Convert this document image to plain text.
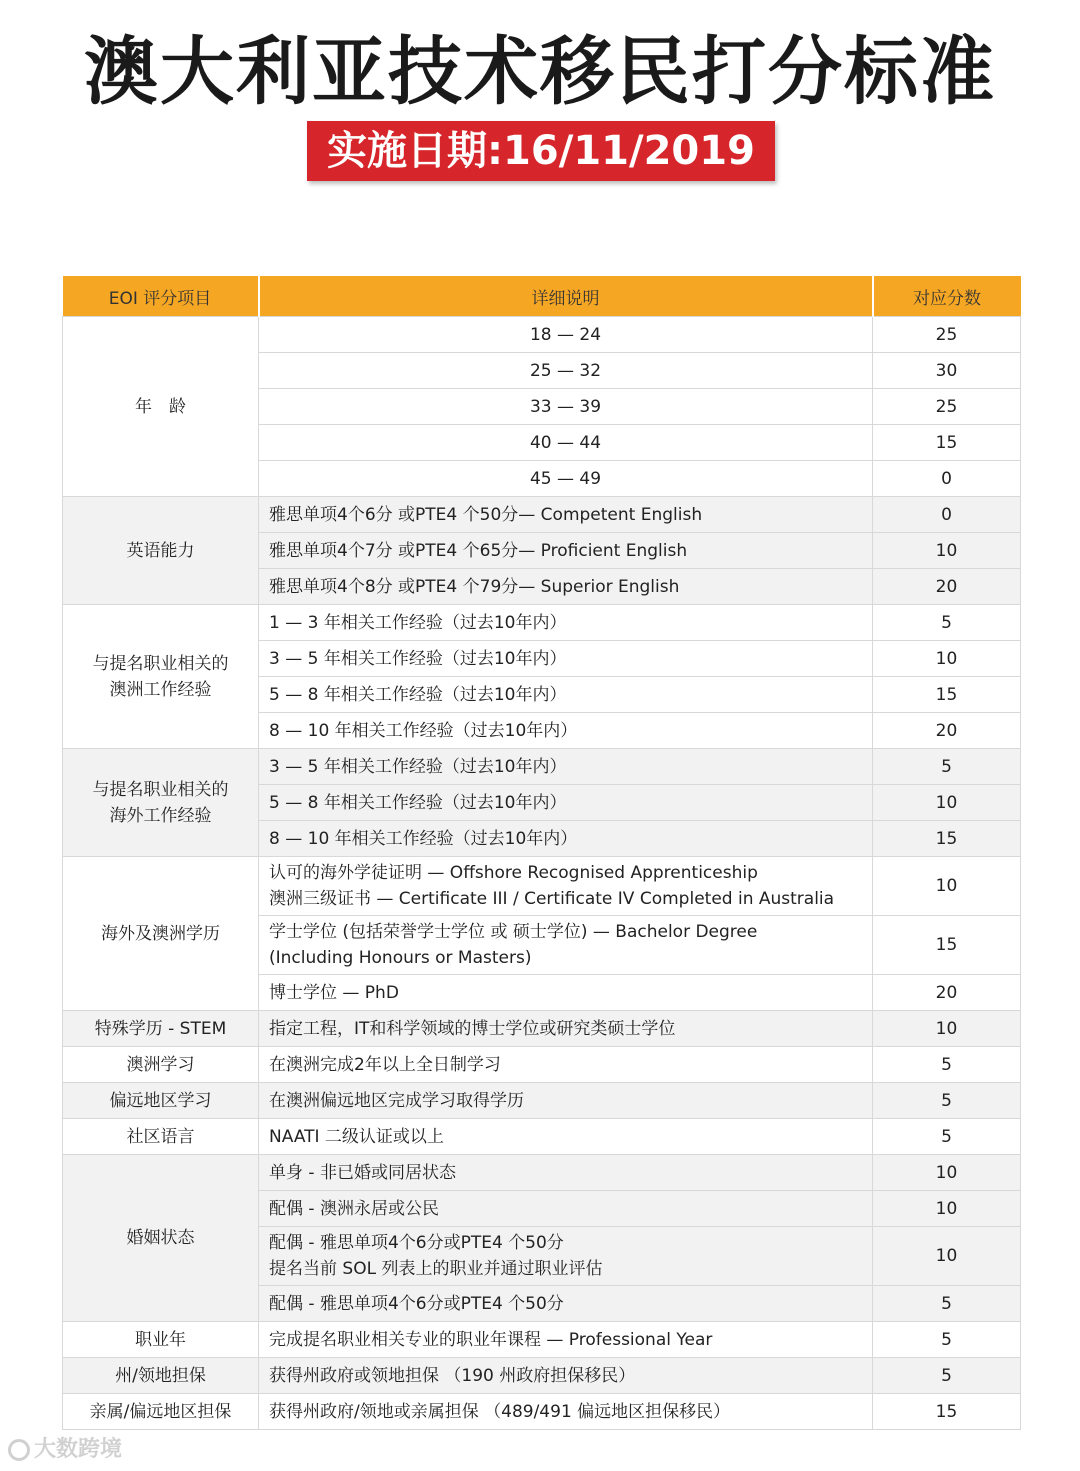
澳大利亚技术移民打分标准
实施日期:16/11/2019
EOI 评分项目	详细说明	对应分数
年　龄	18 — 24	25
	25 — 32	30
	33 — 39	25
	40 — 44	15
	45 — 49	0
英语能力	雅思单项4个6分 或PTE4 个50分— Competent English	0
	雅思单项4个7分 或PTE4 个65分— Proficient English	10
	雅思单项4个8分 或PTE4 个79分— Superior English	20
与提名职业相关的
澳洲工作经验	1 — 3 年相关工作经验（过去10年内）	5
	3 — 5 年相关工作经验（过去10年内）	10
	5 — 8 年相关工作经验（过去10年内）	15
	8 — 10 年相关工作经验（过去10年内）	20
与提名职业相关的
海外工作经验	3 — 5 年相关工作经验（过去10年内）	5
	5 — 8 年相关工作经验（过去10年内）	10
	8 — 10 年相关工作经验（过去10年内）	15
海外及澳洲学历	认可的海外学徒证明 — Offshore Recognised Apprenticeship
澳洲三级证书 — Certificate III / Certificate IV Completed in Australia	10
	学士学位 (包括荣誉学士学位 或 硕士学位) — Bachelor Degree
(Including Honours or Masters)	15
	博士学位 — PhD	20
特殊学历 - STEM	指定工程，IT和科学领域的博士学位或研究类硕士学位	10
澳洲学习	在澳洲完成2年以上全日制学习	5
偏远地区学习	在澳洲偏远地区完成学习取得学历	5
社区语言	NAATI 二级认证或以上	5
婚姻状态	单身 - 非已婚或同居状态	10
	配偶 - 澳洲永居或公民	10
	配偶 - 雅思单项4个6分或PTE4 个50分
提名当前 SOL 列表上的职业并通过职业评估	10
	配偶 - 雅思单项4个6分或PTE4 个50分	5
职业年	完成提名职业相关专业的职业年课程 — Professional Year	5
州/领地担保	获得州政府或领地担保 （190 州政府担保移民）	5
亲属/偏远地区担保	获得州政府/领地或亲属担保 （489/491 偏远地区担保移民）	15
大数跨境
